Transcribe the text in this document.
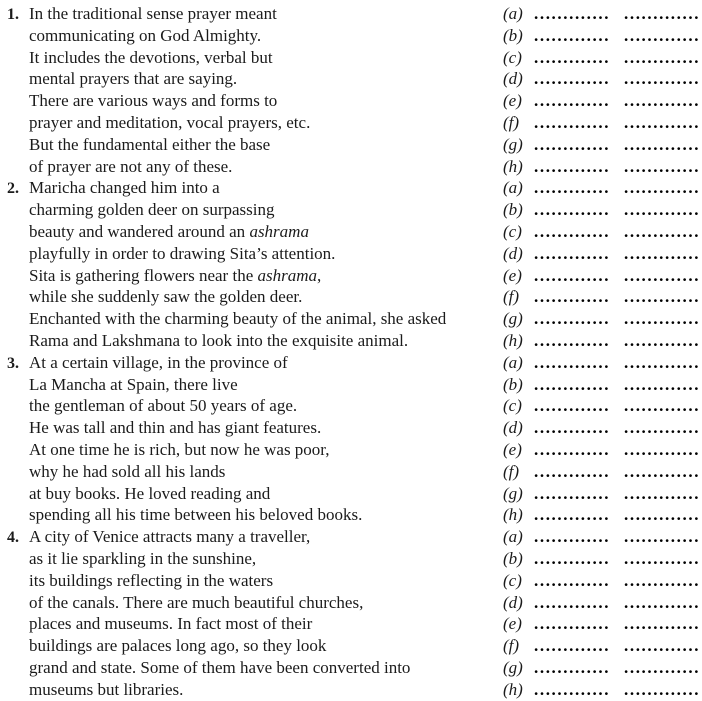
1. In the traditional sense prayer meant	(a) ............. .............
communicating on God Almighty.	(b) ............. .............
It includes the devotions, verbal but	(c) ............. .............
mental prayers that are saying.	(d) ............. .............
There are various ways and forms to	(e) ............. .............
prayer and meditation, vocal prayers, etc.	(f) ............. .............
But the fundamental either the base	(g) ............. .............
of prayer are not any of these.	(h) ............. .............
2. Maricha changed him into a	(a) ............. .............
charming golden deer on surpassing	(b) ............. .............
beauty and wandered around an ashrama	(c) ............. .............
playfully in order to drawing Sita’s attention.	(d) ............. .............
Sita is gathering flowers near the ashrama,	(e) ............. .............
while she suddenly saw the golden deer.	(f) ............. .............
Enchanted with the charming beauty of the animal, she asked	(g) ............. .............
Rama and Lakshmana to look into the exquisite animal.	(h) ............. .............
3. At a certain village, in the province of	(a) ............. .............
La Mancha at Spain, there live	(b) ............. .............
the gentleman of about 50 years of age.	(c) ............. .............
He was tall and thin and has giant features.	(d) ............. .............
At one time he is rich, but now he was poor,	(e) ............. .............
why he had sold all his lands	(f) ............. .............
at buy books. He loved reading and	(g) ............. .............
spending all his time between his beloved books.	(h) ............. .............
4. A city of Venice attracts many a traveller,	(a) ............. .............
as it lie sparkling in the sunshine,	(b) ............. .............
its buildings reflecting in the waters	(c) ............. .............
of the canals. There are much beautiful churches,	(d) ............. .............
places and museums. In fact most of their	(e) ............. .............
buildings are palaces long ago, so they look	(f) ............. .............
grand and state. Some of them have been converted into	(g) ............. .............
museums but libraries.	(h) ............. .............
